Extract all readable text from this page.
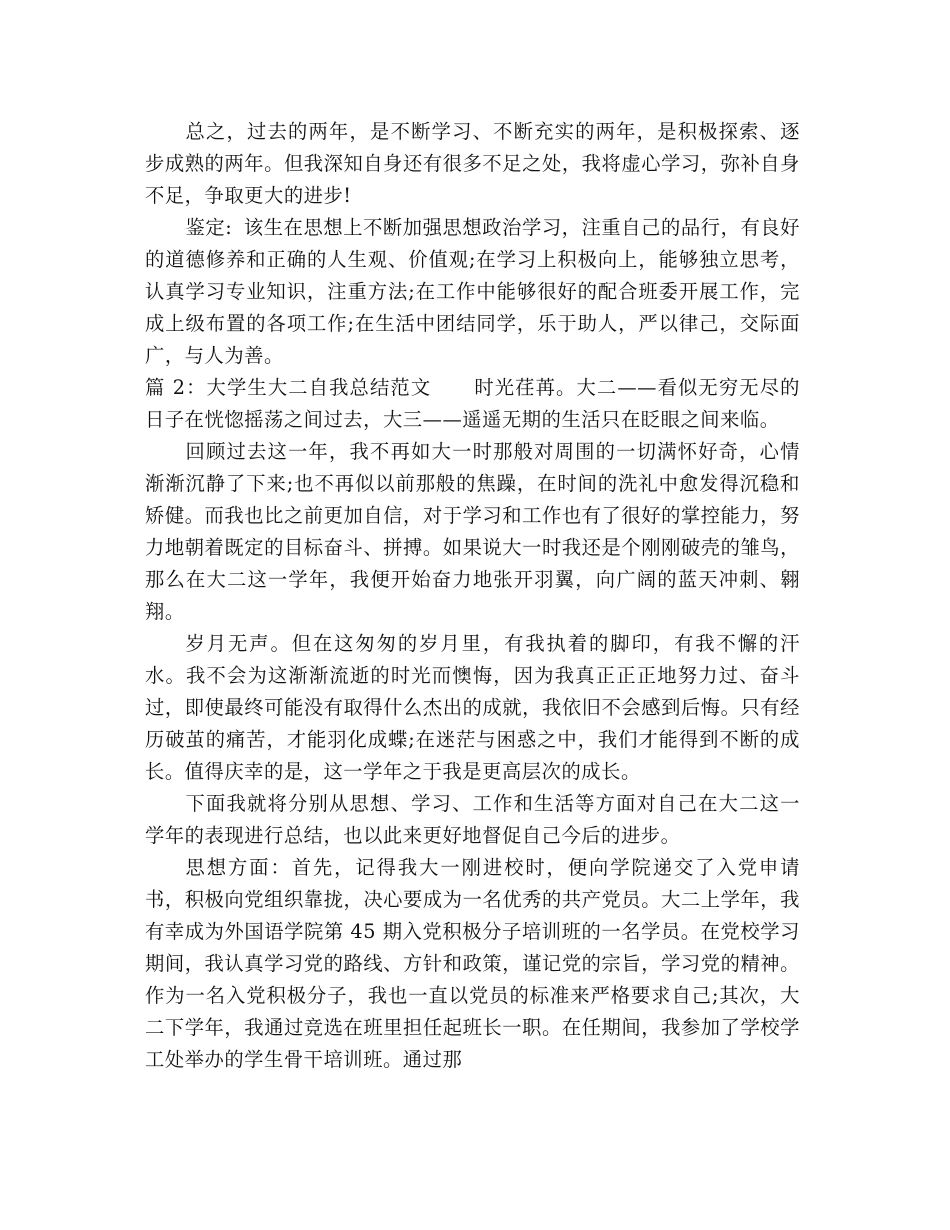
总之，过去的两年，是不断学习、不断充实的两年，是积极探索、逐步成熟的两年。但我深知自身还有很多不足之处，我将虚心学习，弥补自身不足，争取更大的进步!

鉴定: 该生在思想上不断加强思想政治学习，注重自己的品行，有良好的道德修养和正确的人生观、价值观;在学习上积极向上，能够独立思考，认真学习专业知识，注重方法;在工作中能够很好的配合班委开展工作，完成上级布置的各项工作;在生活中团结同学，乐于助人，严以律己，交际面广，与人为善。

篇 2：大学生大二自我总结范文 时光荏苒。大二——看似无穷无尽的日子在恍惚摇荡之间过去，大三——遥遥无期的生活只在眨眼之间来临。

回顾过去这一年，我不再如大一时那般对周围的一切满怀好奇，心情渐渐沉静了下来;也不再似以前那般的焦躁，在时间的洗礼中愈发得沉稳和矫健。而我也比之前更加自信，对于学习和工作也有了很好的掌控能力，努力地朝着既定的目标奋斗、拼搏。如果说大一时我还是个刚刚破壳的雏鸟，那么在大二这一学年，我便开始奋力地张开羽翼，向广阔的蓝天冲刺、翱翔。

岁月无声。但在这匆匆的岁月里，有我执着的脚印，有我不懈的汗水。我不会为这渐渐流逝的时光而懊悔，因为我真正正正地努力过、奋斗过，即使最终可能没有取得什么杰出的成就，我依旧不会感到后悔。只有经历破茧的痛苦，才能羽化成蝶;在迷茫与困惑之中，我们才能得到不断的成长。值得庆幸的是，这一学年之于我是更高层次的成长。

下面我就将分别从思想、学习、工作和生活等方面对自己在大二这一学年的表现进行总结，也以此来更好地督促自己今后的进步。

思想方面：首先，记得我大一刚进校时，便向学院递交了入党申请书，积极向党组织靠拢，决心要成为一名优秀的共产党员。大二上学年，我有幸成为外国语学院第 45 期入党积极分子培训班的一名学员。在党校学习期间，我认真学习党的路线、方针和政策，谨记党的宗旨，学习党的精神。作为一名入党积极分子，我也一直以党员的标准来严格要求自己;其次，大二下学年，我通过竞选在班里担任起班长一职。在任期间，我参加了学校学工处举办的学生骨干培训班。通过那
